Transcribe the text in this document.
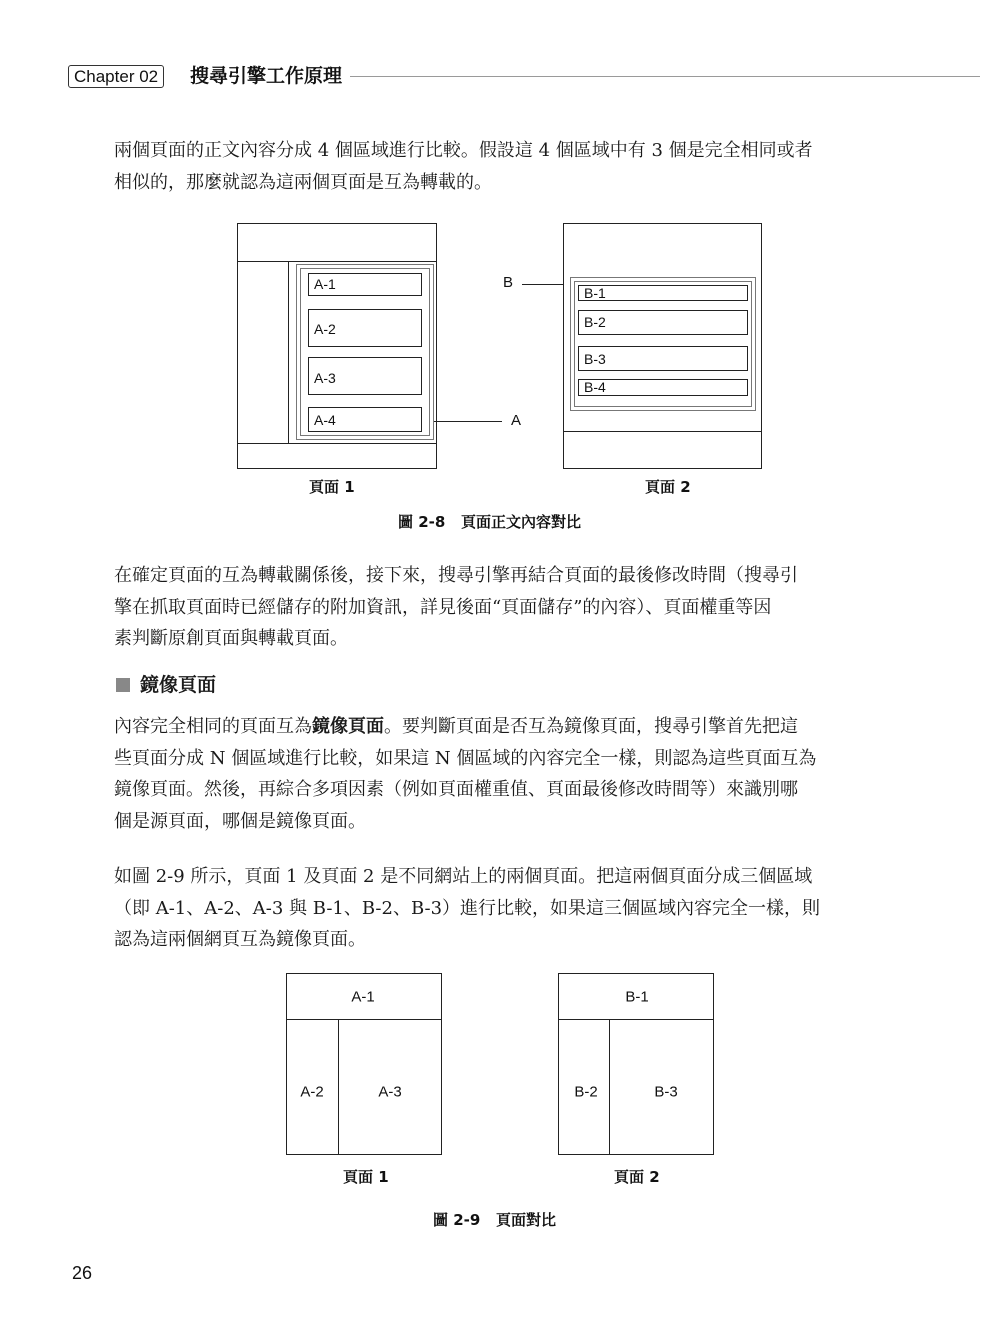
Chapter 02	搜尋引擎工作原理

兩個頁面的正文內容分成 4 個區域進行比較。假設這 4 個區域中有 3 個是完全相同或者

相似的，那麼就認為這兩個頁面是互為轉載的。

A-1
A-2
A-3
A-4	A
B
B-1
B-2
B-3
B-4
頁面 1	頁面 2
圖 2-8 頁面正文內容對比

在確定頁面的互為轉載關係後，接下來，搜尋引擎再結合頁面的最後修改時間（搜尋引

擎在抓取頁面時已經儲存的附加資訊，詳見後面“頁面儲存”的內容）、頁面權重等因

素判斷原創頁面與轉載頁面。

鏡像頁面

內容完全相同的頁面互為鏡像頁面。要判斷頁面是否互為鏡像頁面，搜尋引擎首先把這

些頁面分成 N 個區域進行比較，如果這 N 個區域的內容完全一樣，則認為這些頁面互為

鏡像頁面。然後，再綜合多項因素（例如頁面權重值、頁面最後修改時間等）來識別哪

個是源頁面，哪個是鏡像頁面。

如圖 2-9 所示，頁面 1 及頁面 2 是不同網站上的兩個頁面。把這兩個頁面分成三個區域

（即 A-1、A-2、A-3 與 B-1、B-2、B-3）進行比較，如果這三個區域內容完全一樣，則

認為這兩個網頁互為鏡像頁面。

A-1
A-2	A-3
B-1
B-2	B-3
頁面 1	頁面 2
圖 2-9 頁面對比
26
